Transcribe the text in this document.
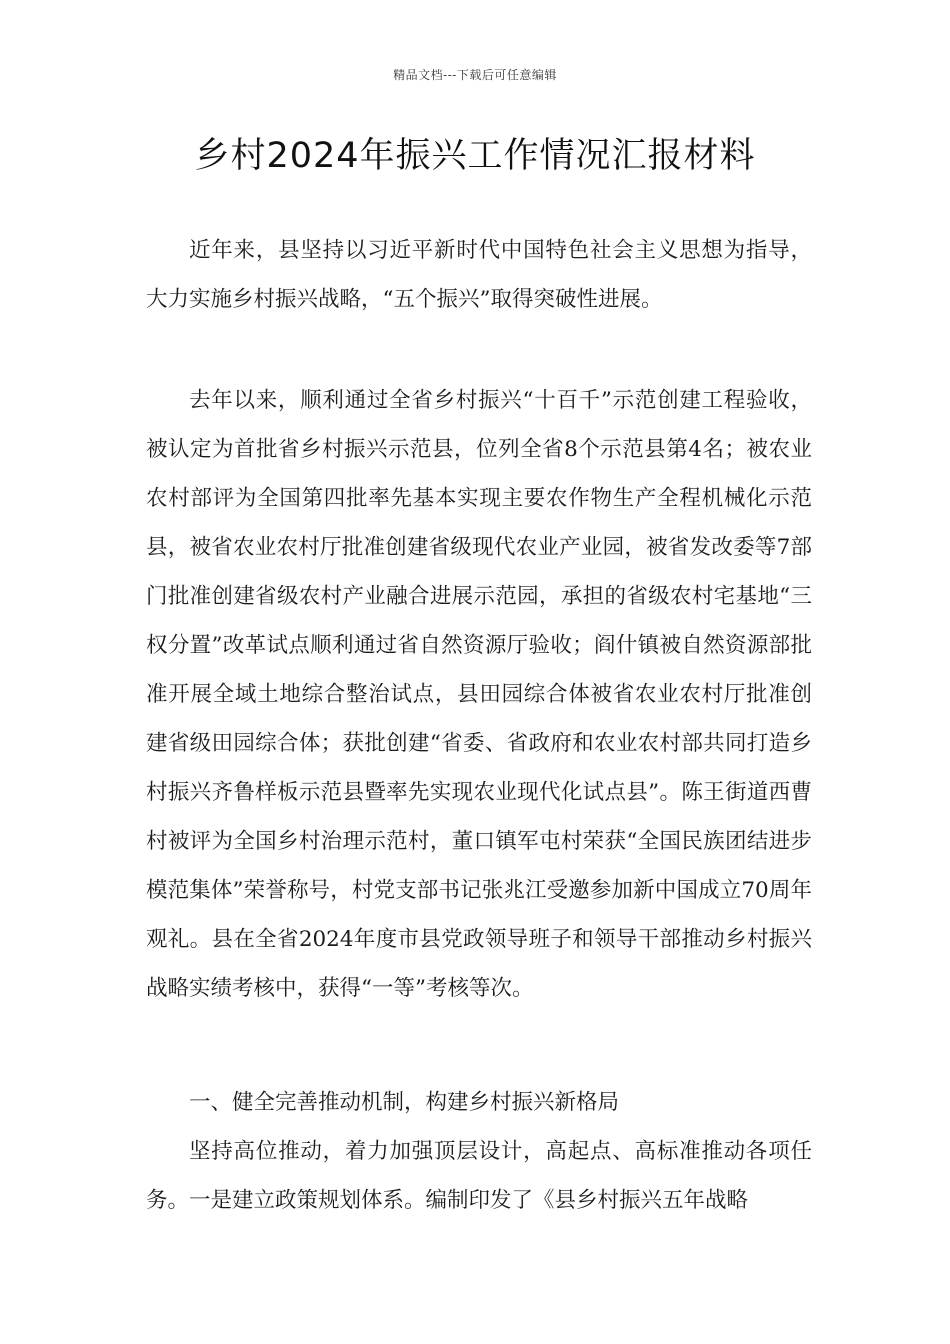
精品文档---下载后可任意编辑
乡村2024年振兴工作情况汇报材料

近年来，县坚持以习近平新时代中国特色社会主义思想为指导，大力实施乡村振兴战略，“五个振兴”取得突破性进展。

去年以来，顺利通过全省乡村振兴“十百千”示范创建工程验收，被认定为首批省乡村振兴示范县，位列全省8个示范县第4名；被农业农村部评为全国第四批率先基本实现主要农作物生产全程机械化示范县，被省农业农村厅批准创建省级现代农业产业园，被省发改委等7部门批准创建省级农村产业融合进展示范园，承担的省级农村宅基地“三权分置”改革试点顺利通过省自然资源厅验收；阎什镇被自然资源部批准开展全域土地综合整治试点，县田园综合体被省农业农村厅批准创建省级田园综合体；获批创建“省委、省政府和农业农村部共同打造乡村振兴齐鲁样板示范县暨率先实现农业现代化试点县”。陈王街道西曹村被评为全国乡村治理示范村，董口镇军屯村荣获“全国民族团结进步模范集体”荣誉称号，村党支部书记张兆江受邀参加新中国成立70周年观礼。县在全省2024年度市县党政领导班子和领导干部推动乡村振兴战略实绩考核中，获得“一等”考核等次。

一、健全完善推动机制，构建乡村振兴新格局

坚持高位推动，着力加强顶层设计，高起点、高标准推动各项任务。一是建立政策规划体系。编制印发了《县乡村振兴五年战略
